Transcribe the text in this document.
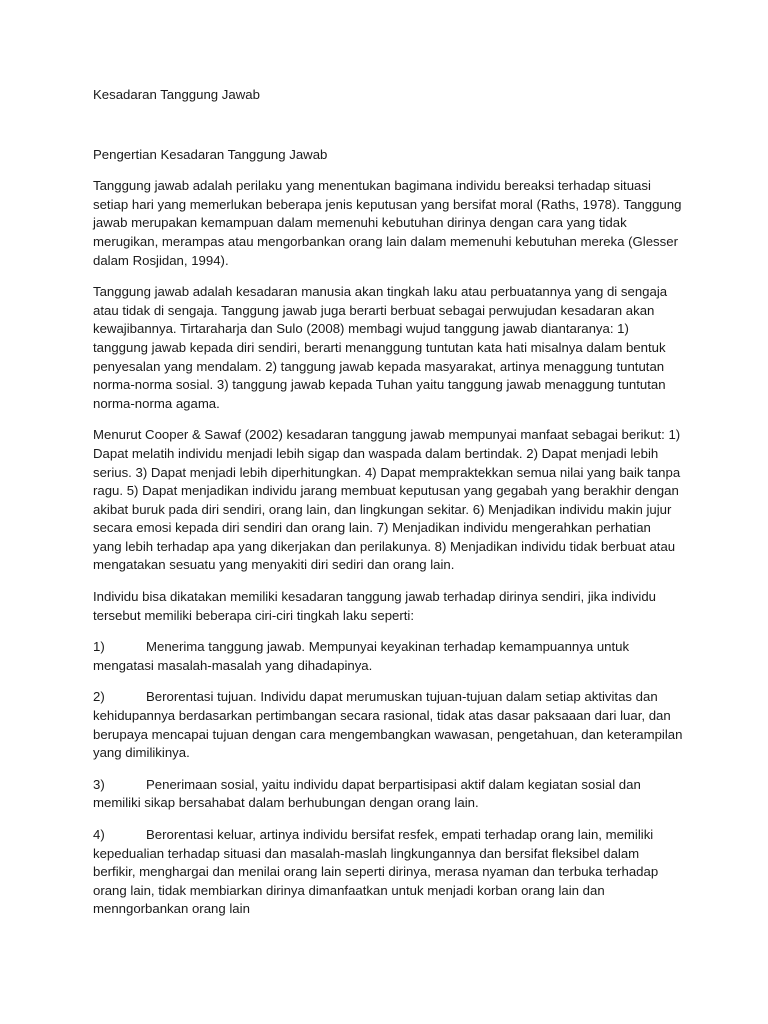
Kesadaran Tanggung Jawab
Pengertian Kesadaran Tanggung Jawab

Tanggung jawab adalah perilaku yang menentukan bagimana individu bereaksi terhadap situasi setiap hari yang memerlukan beberapa jenis keputusan yang bersifat moral (Raths, 1978). Tanggung jawab merupakan kemampuan dalam memenuhi kebutuhan dirinya dengan cara yang tidak merugikan, merampas atau mengorbankan orang lain dalam memenuhi kebutuhan mereka (Glesser dalam Rosjidan, 1994).

Tanggung jawab adalah kesadaran manusia akan tingkah laku atau perbuatannya yang di sengaja atau tidak di sengaja. Tanggung jawab juga berarti berbuat sebagai perwujudan kesadaran akan kewajibannya. Tirtaraharja dan Sulo (2008) membagi wujud tanggung jawab diantaranya: 1) tanggung jawab kepada diri sendiri, berarti menanggung tuntutan kata hati misalnya dalam bentuk penyesalan yang mendalam. 2) tanggung jawab kepada masyarakat, artinya menaggung tuntutan norma-norma sosial. 3) tanggung jawab kepada Tuhan yaitu tanggung jawab menaggung tuntutan norma-norma agama.

Menurut Cooper & Sawaf (2002) kesadaran tanggung jawab mempunyai manfaat sebagai berikut: 1) Dapat melatih individu menjadi lebih sigap dan waspada dalam bertindak. 2) Dapat menjadi lebih serius. 3) Dapat menjadi lebih diperhitungkan. 4) Dapat mempraktekkan semua nilai yang baik tanpa ragu. 5) Dapat menjadikan individu jarang membuat keputusan yang gegabah yang berakhir dengan akibat buruk pada diri sendiri, orang lain, dan lingkungan sekitar. 6) Menjadikan individu makin jujur secara emosi kepada diri sendiri dan orang lain. 7) Menjadikan individu mengerahkan perhatian yang lebih terhadap apa yang dikerjakan dan perilakunya. 8) Menjadikan individu tidak berbuat atau mengatakan sesuatu yang menyakiti diri sediri dan orang lain.

Individu bisa dikatakan memiliki kesadaran tanggung jawab terhadap dirinya sendiri, jika individu tersebut memiliki beberapa ciri-ciri tingkah laku seperti:

1)	Menerima tanggung jawab. Mempunyai keyakinan terhadap kemampuannya untuk mengatasi masalah-masalah yang dihadapinya.
2)	Berorentasi tujuan. Individu dapat merumuskan tujuan-tujuan dalam setiap aktivitas dan kehidupannya berdasarkan pertimbangan secara rasional, tidak atas dasar paksaaan dari luar, dan berupaya mencapai tujuan dengan cara mengembangkan wawasan, pengetahuan, dan keterampilan yang dimilikinya.
3)	Penerimaan sosial, yaitu individu dapat berpartisipasi aktif dalam kegiatan sosial dan memiliki sikap bersahabat dalam berhubungan dengan orang lain.
4)	Berorentasi keluar, artinya individu bersifat resfek, empati terhadap orang lain, memiliki kepedualian terhadap situasi dan masalah-maslah lingkungannya dan bersifat fleksibel dalam berfikir, menghargai dan menilai orang lain seperti dirinya, merasa nyaman dan terbuka terhadap orang lain, tidak membiarkan dirinya dimanfaatkan untuk menjadi korban orang lain dan menngorbankan orang lain
